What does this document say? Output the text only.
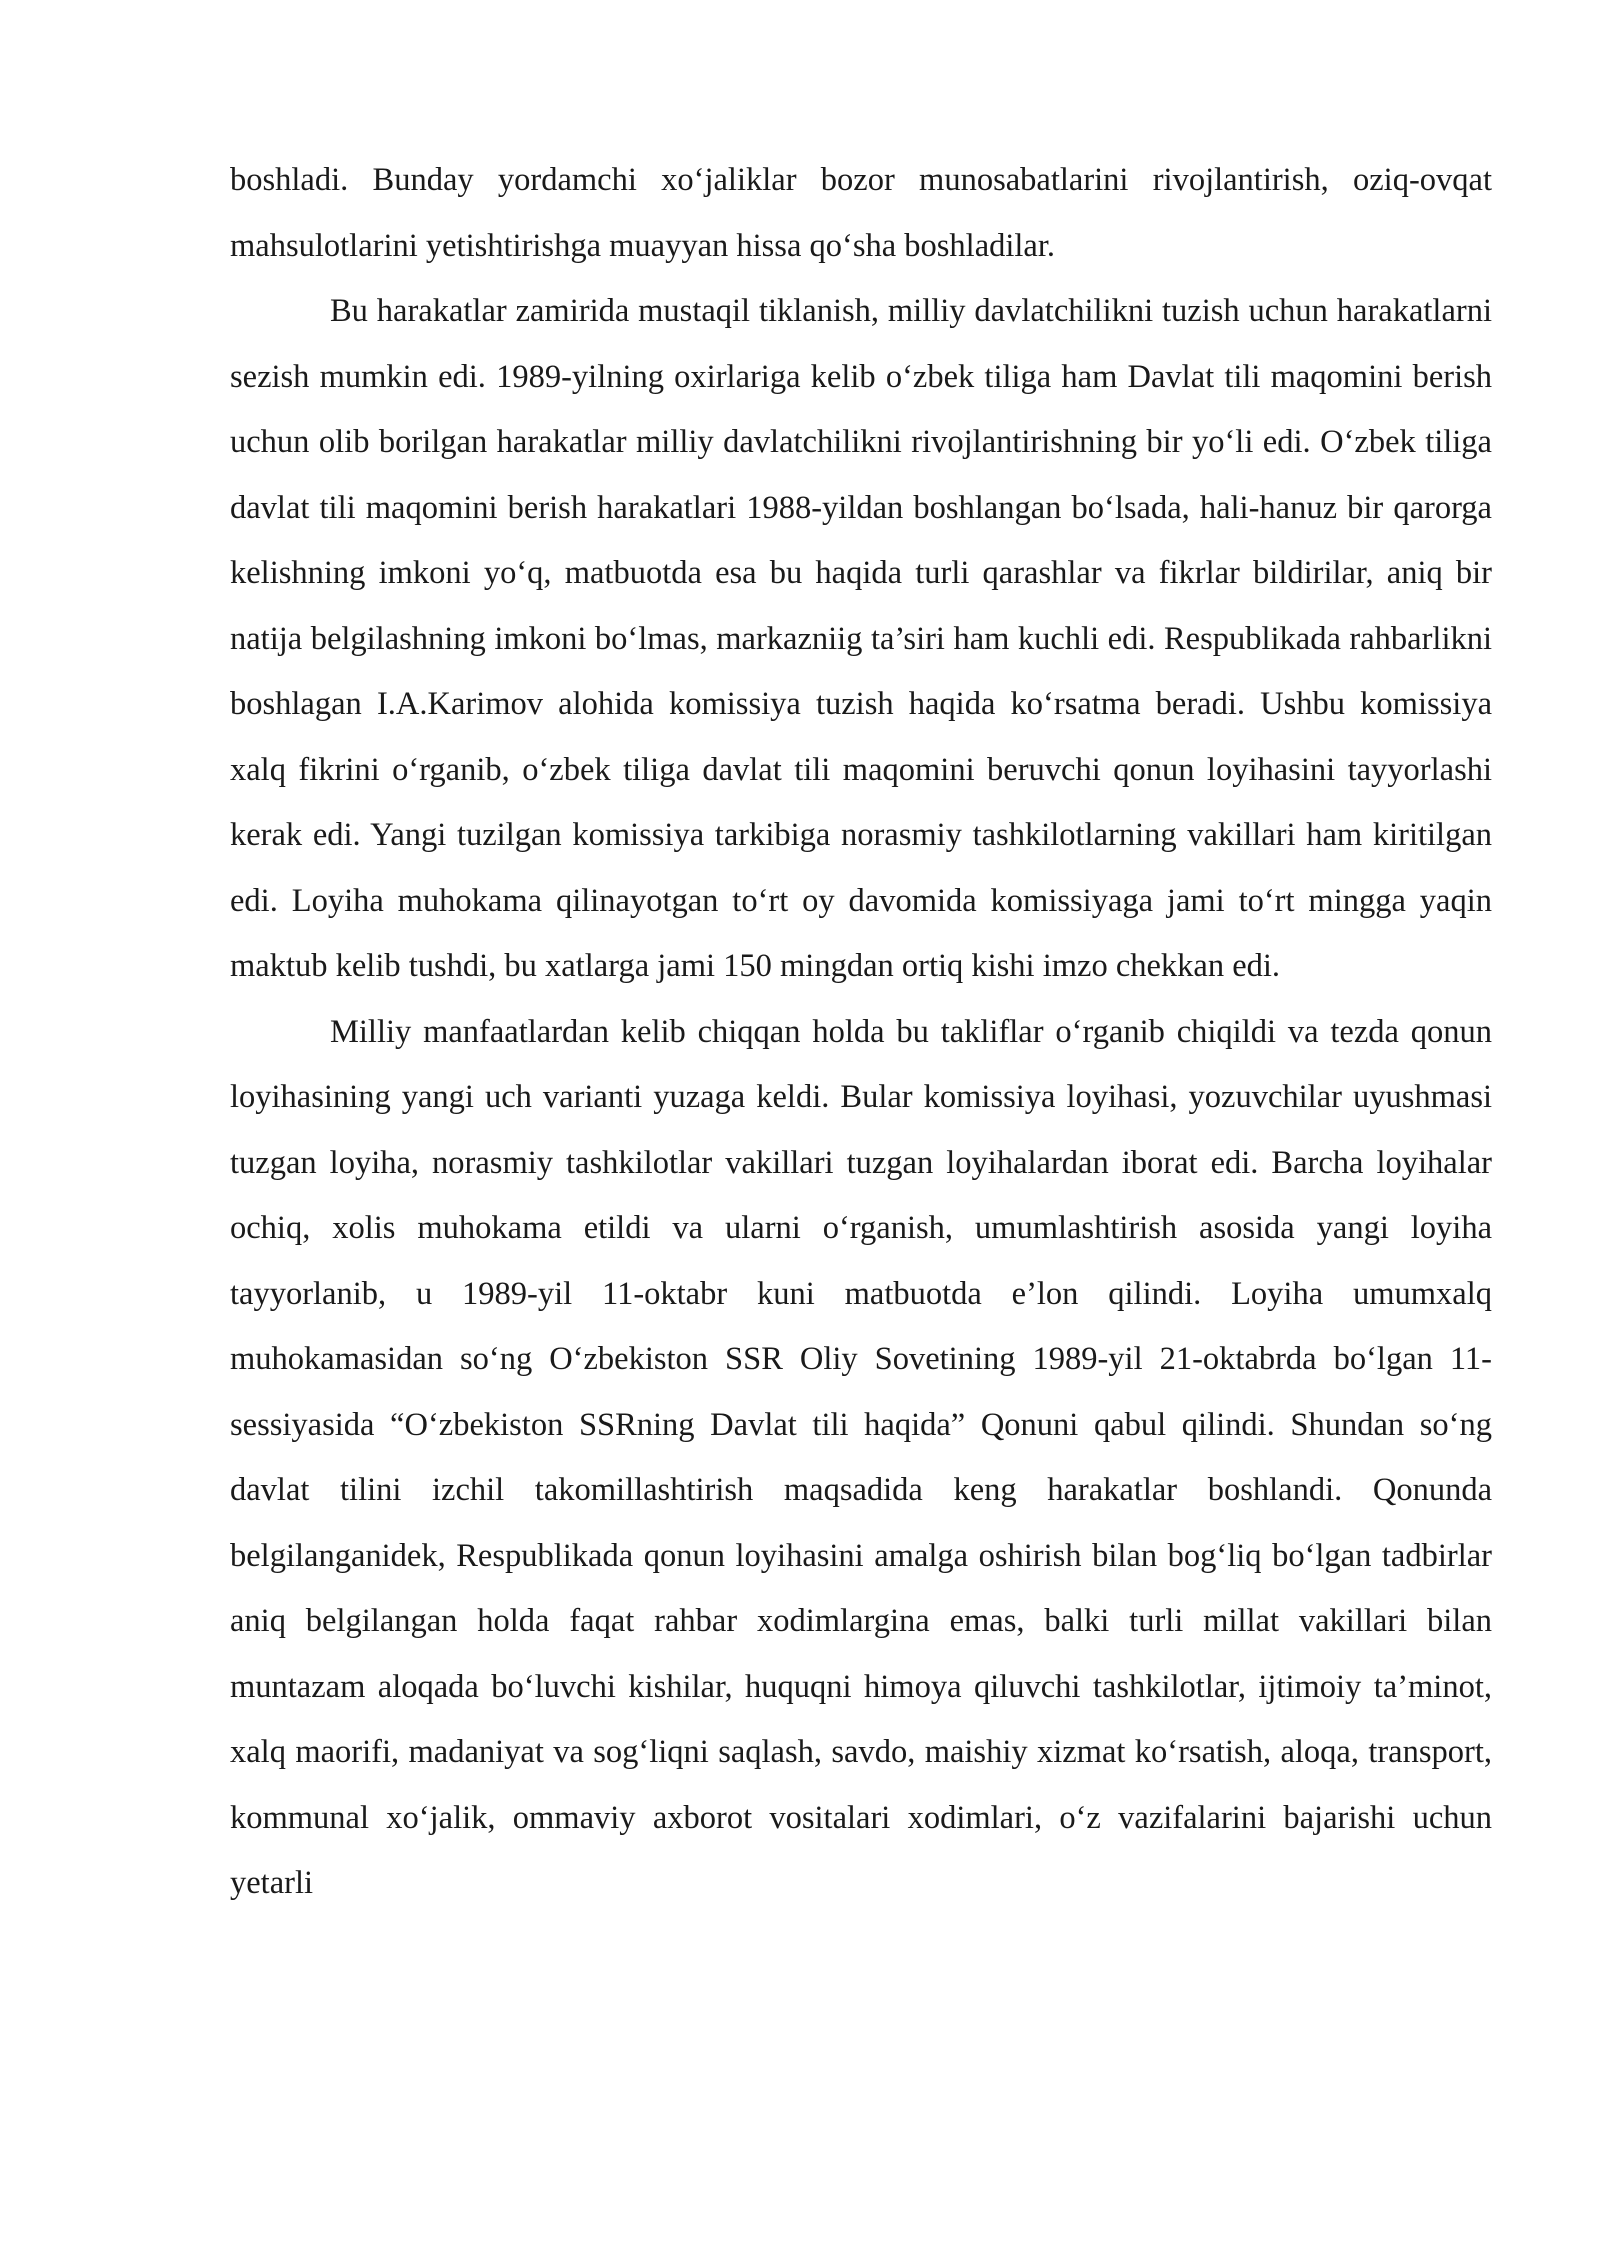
boshladi. Bunday yordamchi xo‘jaliklar bozor munosabatlarini rivojlantirish, oziq-ovqat mahsulotlarini yetishtirishga muayyan hissa qo‘sha boshladilar.

Bu harakatlar zamirida mustaqil tiklanish, milliy davlatchilikni tuzish uchun harakatlarni sezish mumkin edi. 1989-yilning oxirlariga kelib o‘zbek tiliga ham Davlat tili maqomini berish uchun olib borilgan harakatlar milliy davlatchilikni rivojlantirishning bir yo‘li edi. O‘zbek tiliga davlat tili maqomini berish harakatlari 1988-yildan boshlangan bo‘lsada, hali-hanuz bir qarorga kelishning imkoni yo‘q, matbuotda esa bu haqida turli qarashlar va fikrlar bildirilar, aniq bir natija belgilashning imkoni bo‘lmas, markazniig ta’siri ham kuchli edi. Respublikada rahbarlikni boshlagan I.A.Karimov alohida komissiya tuzish haqida ko‘rsatma beradi. Ushbu komissiya xalq fikrini o‘rganib, o‘zbek tiliga davlat tili maqomini beruvchi qonun loyihasini tayyorlashi kerak edi. Yangi tuzilgan komissiya tarkibiga norasmiy tashkilotlarning vakillari ham kiritilgan edi. Loyiha muhokama qilinayotgan to‘rt oy davomida komissiyaga jami to‘rt mingga yaqin maktub kelib tushdi, bu xatlarga jami 150 mingdan ortiq kishi imzo chekkan edi.

Milliy manfaatlardan kelib chiqqan holda bu takliflar o‘rganib chiqildi va tezda qonun loyihasining yangi uch varianti yuzaga keldi. Bular komissiya loyihasi, yozuvchilar uyushmasi tuzgan loyiha, norasmiy tashkilotlar vakillari tuzgan loyihalardan iborat edi. Barcha loyihalar ochiq, xolis muhokama etildi va ularni o‘rganish, umumlashtirish asosida yangi loyiha tayyorlanib, u 1989-yil 11-oktabr kuni matbuotda e’lon qilindi. Loyiha umumxalq muhokamasidan so‘ng O‘zbekiston SSR Oliy Sovetining 1989-yil 21-oktabrda bo‘lgan 11-sessiyasida “O‘zbekiston SSRning Davlat tili haqida” Qonuni qabul qilindi. Shundan so‘ng davlat tilini izchil takomillashtirish maqsadida keng harakatlar boshlandi. Qonunda belgilanganidek, Respublikada qonun loyihasini amalga oshirish bilan bog‘liq bo‘lgan tadbirlar aniq belgilangan holda faqat rahbar xodimlargina emas, balki turli millat vakillari bilan muntazam aloqada bo‘luvchi kishilar, huquqni himoya qiluvchi tashkilotlar, ijtimoiy ta’minot, xalq maorifi, madaniyat va sog‘liqni saqlash, savdo, maishiy xizmat ko‘rsatish, aloqa, transport, kommunal xo‘jalik, ommaviy axborot vositalari xodimlari, o‘z vazifalarini bajarishi uchun yetarli
